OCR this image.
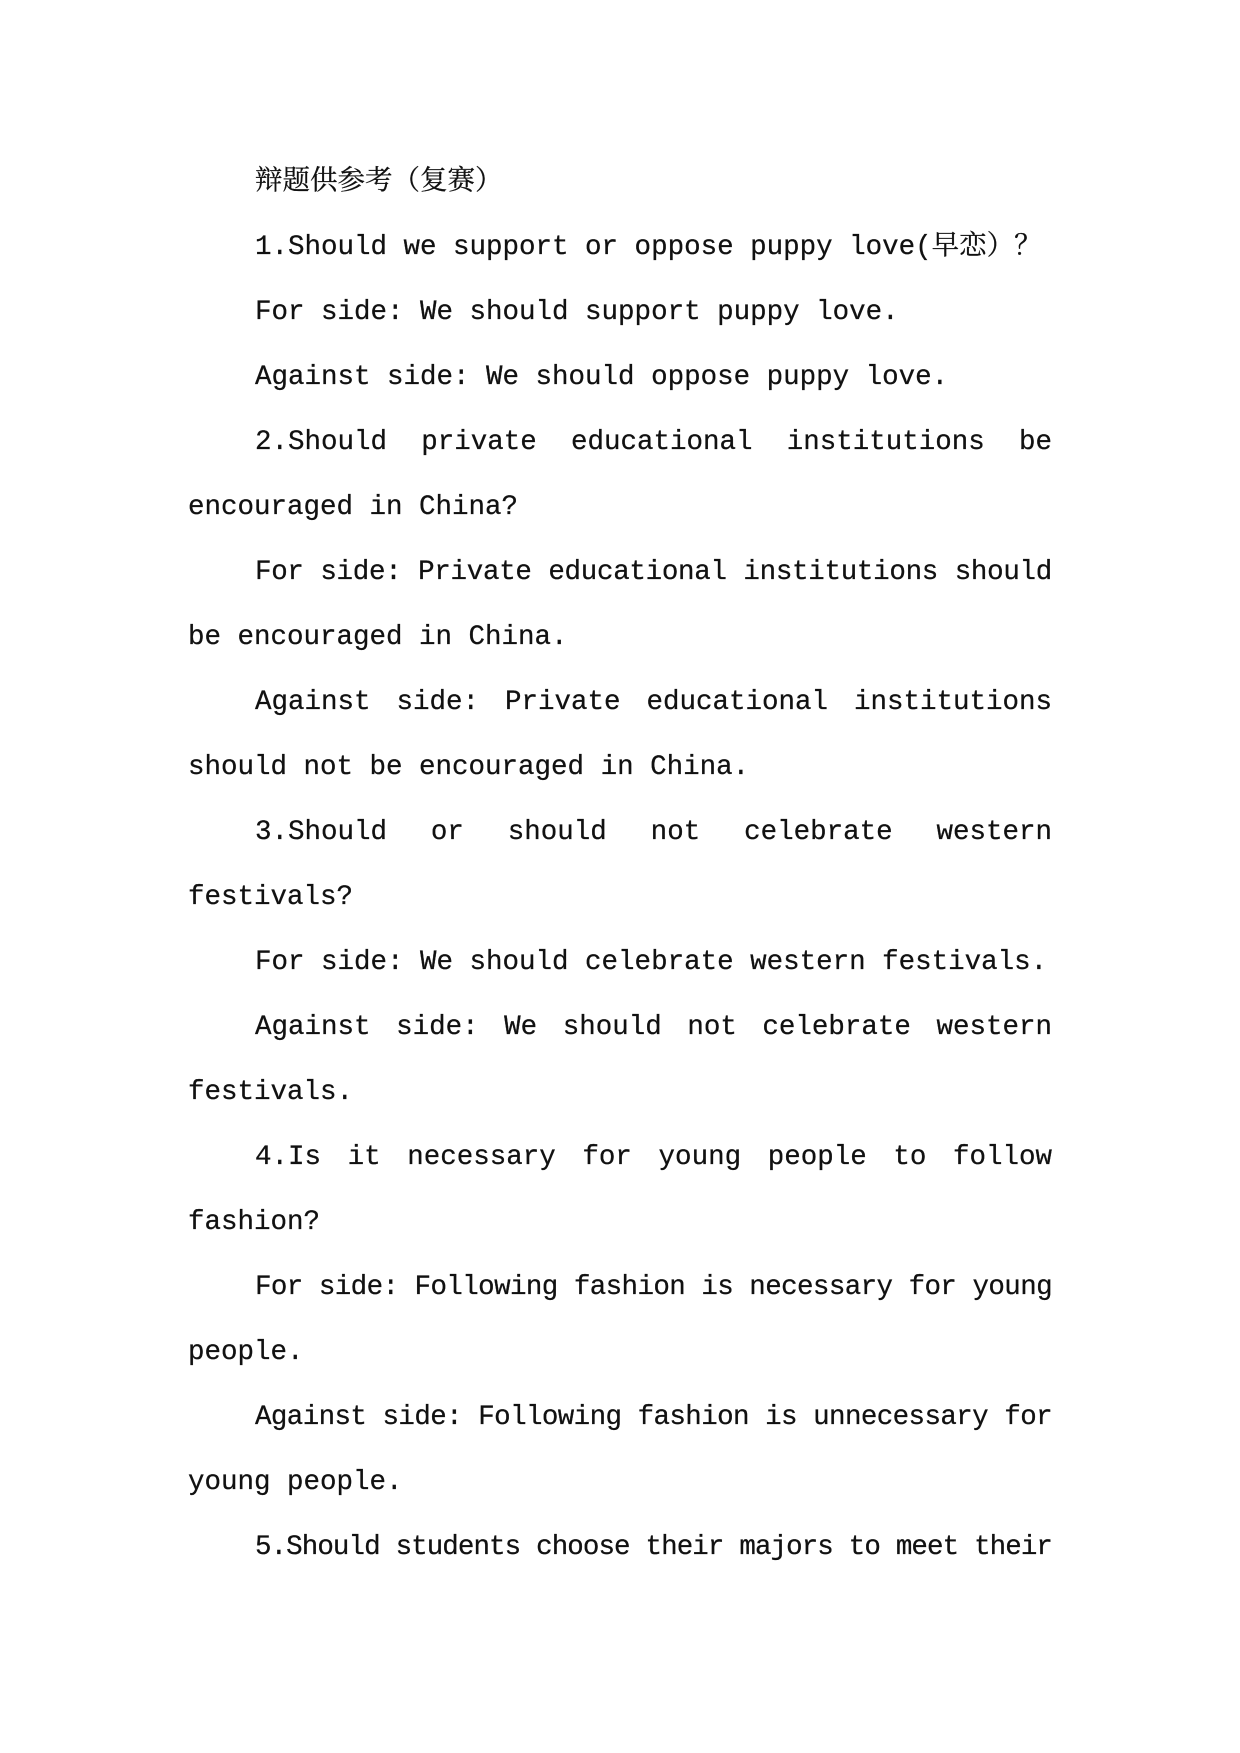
辩题供参考（复赛）
1.Should we support or oppose puppy love(早恋）？
For side: We should support puppy love.
Against side: We should oppose puppy love.
2.Should private educational institutions be
encouraged in China?
For side: Private educational institutions should
be encouraged in China.
Against side: Private educational institutions
should not be encouraged in China.
3.Should or should not celebrate western
festivals?
For side: We should celebrate western festivals.
Against side: We should not celebrate western
festivals.
4.Is it necessary for young people to follow
fashion?
For side: Following fashion is necessary for young
people.
Against side: Following fashion is unnecessary for
young people.
5.Should students choose their majors to meet their
